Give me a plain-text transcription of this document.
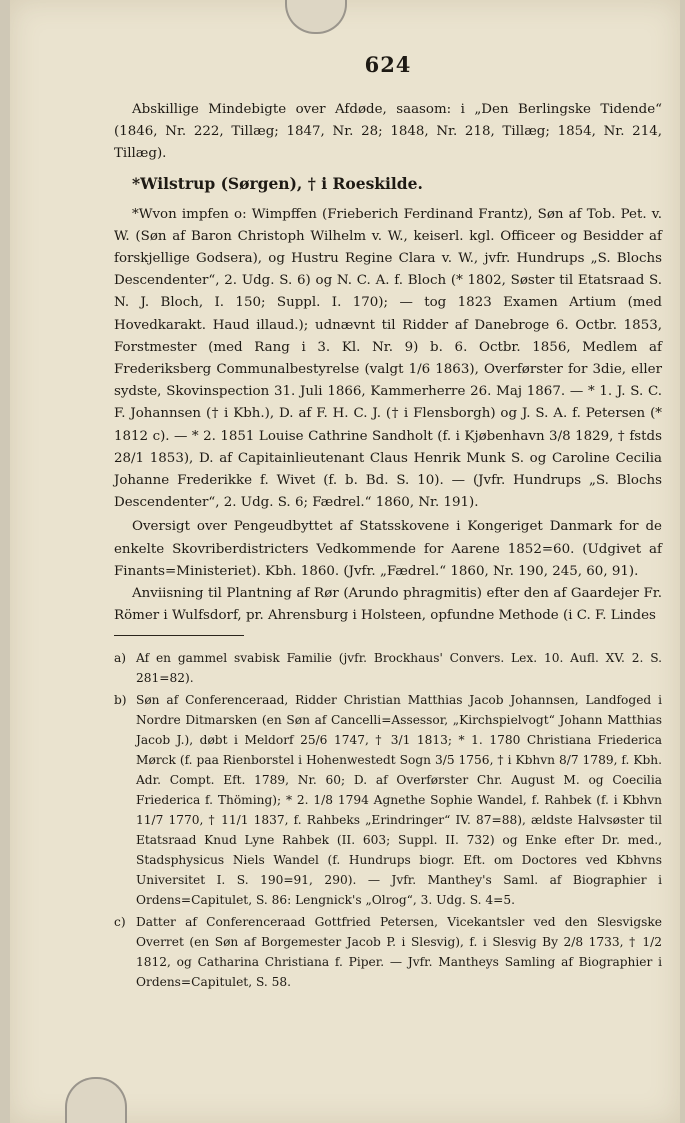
624

Abskillige Mindebigte over Afdøde, saasom: i „Den Berlingske Tidende“ (1846, Nr. 222, Tillæg; 1847, Nr. 28; 1848, Nr. 218, Tillæg; 1854, Nr. 214, Tillæg).

*Wilstrup (Sørgen), † i Roeskilde.

*Wvon impfen о: Wimpffen (Frieberich Ferdinand Frantz), Søn af Tob. Pet. v. W. (Søn af Baron Christoph Wilhelm v. W., keiserl. kgl. Officeer og Besidder af forskjellige Godsera), og Hustru Regine Clara v. W., jvfr. Hundrups „S. Blochs Descendenter“, 2. Udg. S. 6) og N. C. A. f. Bloch (* 1802, Søster til Etatsraad S. N. J. Bloch, I. 150; Suppl. I. 170); — tog 1823 Examen Artium (med Hovedkarakt. Haud illaud.); udnævnt til Ridder af Danebroge 6. Octbr. 1853, Forstmester (med Rang i 3. Kl. Nr. 9) b. 6. Octbr. 1856, Medlem af Frederiksberg Communalbestyrelse (valgt 1/6 1863), Overførster for 3die, eller sydste, Skovinspection 31. Juli 1866, Kammerherre 26. Maj 1867. — * 1. J. S. C. F. Johannsen († i Kbh.), D. af F. H. C. J. († i Flensborgh) og J. S. A. f. Petersen (* 1812 c). — * 2. 1851 Louise Cathrine Sandholt (f. i Kjøbenhavn 3/8 1829, † fstds 28/1 1853), D. af Capitainlieutenant Claus Henrik Munk S. og Caroline Cecilia Johanne Frederikke f. Wivet (f. b. Bd. S. 10). — (Jvfr. Hundrups „S. Blochs Descendenter“, 2. Udg. S. 6; Fædrel.“ 1860, Nr. 191).

Oversigt over Pengeudbyttet af Statsskovene i Kongeriget Danmark for de enkelte Skovriberdistricters Vedkommende for Aarene 1852=60. (Udgivet af Finants=Ministeriet). Kbh. 1860. (Jvfr. „Fædrel.“ 1860, Nr. 190, 245, 60, 91).

Anviisning til Plantning af Rør (Arundo phragmitis) efter den af Gaardejer Fr. Römer i Wulfsdorf, pr. Ahrensburg i Holsteen, opfundne Methode (i C. F. Lindes

a) Af en gammel svabisk Familie (jvfr. Brockhaus' Convers. Lex. 10. Aufl. XV. 2. S. 281=82).
b) Søn af Conferenceraad, Ridder Christian Matthias Jacob Johannsen, Landfoged i Nordre Ditmarsken (en Søn af Cancelli=Assessor, „Kirchspielvogt“ Johann Matthias Jacob J.), døbt i Meldorf 25/6 1747, † 3/1 1813; * 1. 1780 Christiana Friederica Mørck (f. paa Rienborstel i Hohenwestedt Sogn 3/5 1756, † i Kbhvn 8/7 1789, f. Kbh. Adr. Compt. Eft. 1789, Nr. 60; D. af Overførster Chr. August M. og Coecilia Friederica f. Thöming); * 2. 1/8 1794 Agnethe Sophie Wandel, f. Rahbek (f. i Kbhvn 11/7 1770, † 11/1 1837, f. Rahbeks „Erindringer“ IV. 87=88), ældste Halvsøster til Etatsraad Knud Lyne Rahbek (II. 603; Suppl. II. 732) og Enke efter Dr. med., Stadsphysicus Niels Wandel (f. Hundrups biogr. Eft. om Doctores ved Kbhvns Universitet I. S. 190=91, 290). — Jvfr. Manthey's Saml. af Biographier i Ordens=Capitulet, S. 86: Lengnick's „Olrog“, 3. Udg. S. 4=5.
c) Datter af Conferenceraad Gottfried Petersen, Vicekantsler ved den Slesvigske Overret (en Søn af Borgemester Jacob P. i Slesvig), f. i Slesvig By 2/8 1733, † 1/2 1812, og Catharina Christiana f. Piper. — Jvfr. Mantheys Samling af Biographier i Ordens=Capitulet, S. 58.
